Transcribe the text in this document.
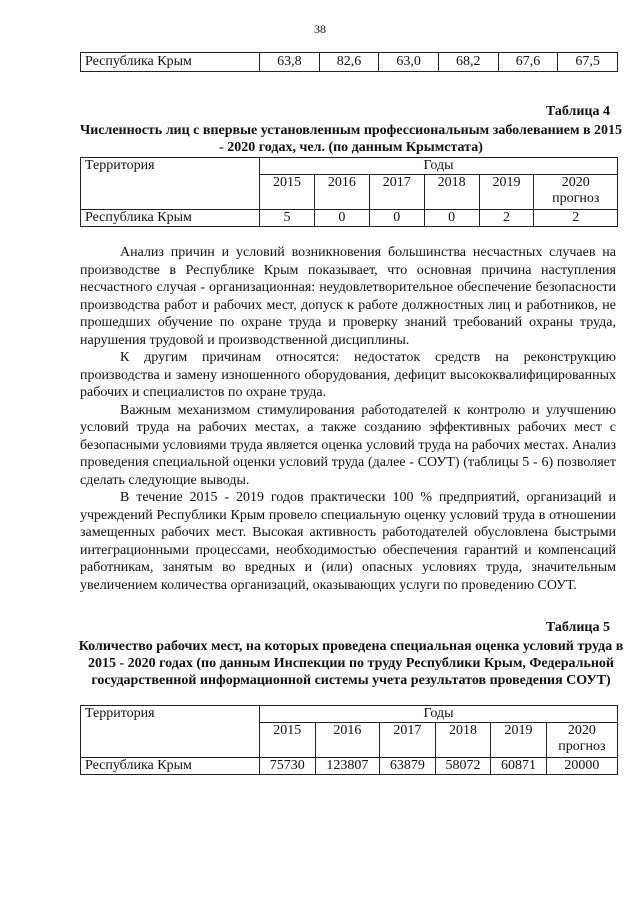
38
Республика Крым	63,8	82,6	63,0	68,2	67,6	67,5
Таблица 4
Численность лиц с впервые установленным профессиональным заболеванием в 2015 - 2020 годах, чел. (по данным Крымстата)
Территория	Годы					
	2015	2016	2017	2018	2019	2020
прогноз

Республика Крым	5	0	0	0	2	2

Анализ причин и условий возникновения большинства несчастных случаев на производстве в Республике Крым показывает, что основная причина наступления несчастного случая - организационная: неудовлетворительное обеспечение безопасности производства работ и рабочих мест, допуск к работе должностных лиц и работников, не прошедших обучение по охране труда и проверку знаний требований охраны труда, нарушения трудовой и производственной дисциплины.

К другим причинам относятся: недостаток средств на реконструкцию производства и замену изношенного оборудования, дефицит высококвалифицированных рабочих и специалистов по охране труда.

Важным механизмом стимулирования работодателей к контролю и улучшению условий труда на рабочих местах, а также созданию эффективных рабочих мест с безопасными условиями труда является оценка условий труда на рабочих местах. Анализ проведения специальной оценки условий труда (далее - СОУТ) (таблицы 5 - 6) позволяет сделать следующие выводы.

В течение 2015 - 2019 годов практически 100 % предприятий, организаций и учреждений Республики Крым провело специальную оценку условий труда в отношении замещенных рабочих мест. Высокая активность работодателей обусловлена быстрыми интеграционными процессами, необходимостью обеспечения гарантий и компенсаций работникам, занятым во вредных и (или) опасных условиях труда, значительным увеличением количества организаций, оказывающих услуги по проведению СОУТ.

Таблица 5
Количество рабочих мест, на которых проведена специальная оценка условий труда в 2015 - 2020 годах (по данным Инспекции по труду Республики Крым, Федеральной государственной информационной системы учета результатов проведения СОУТ)
Территория	Годы					
	2015	2016	2017	2018	2019	2020
прогноз

Республика Крым	75730	123807	63879	58072	60871	20000
